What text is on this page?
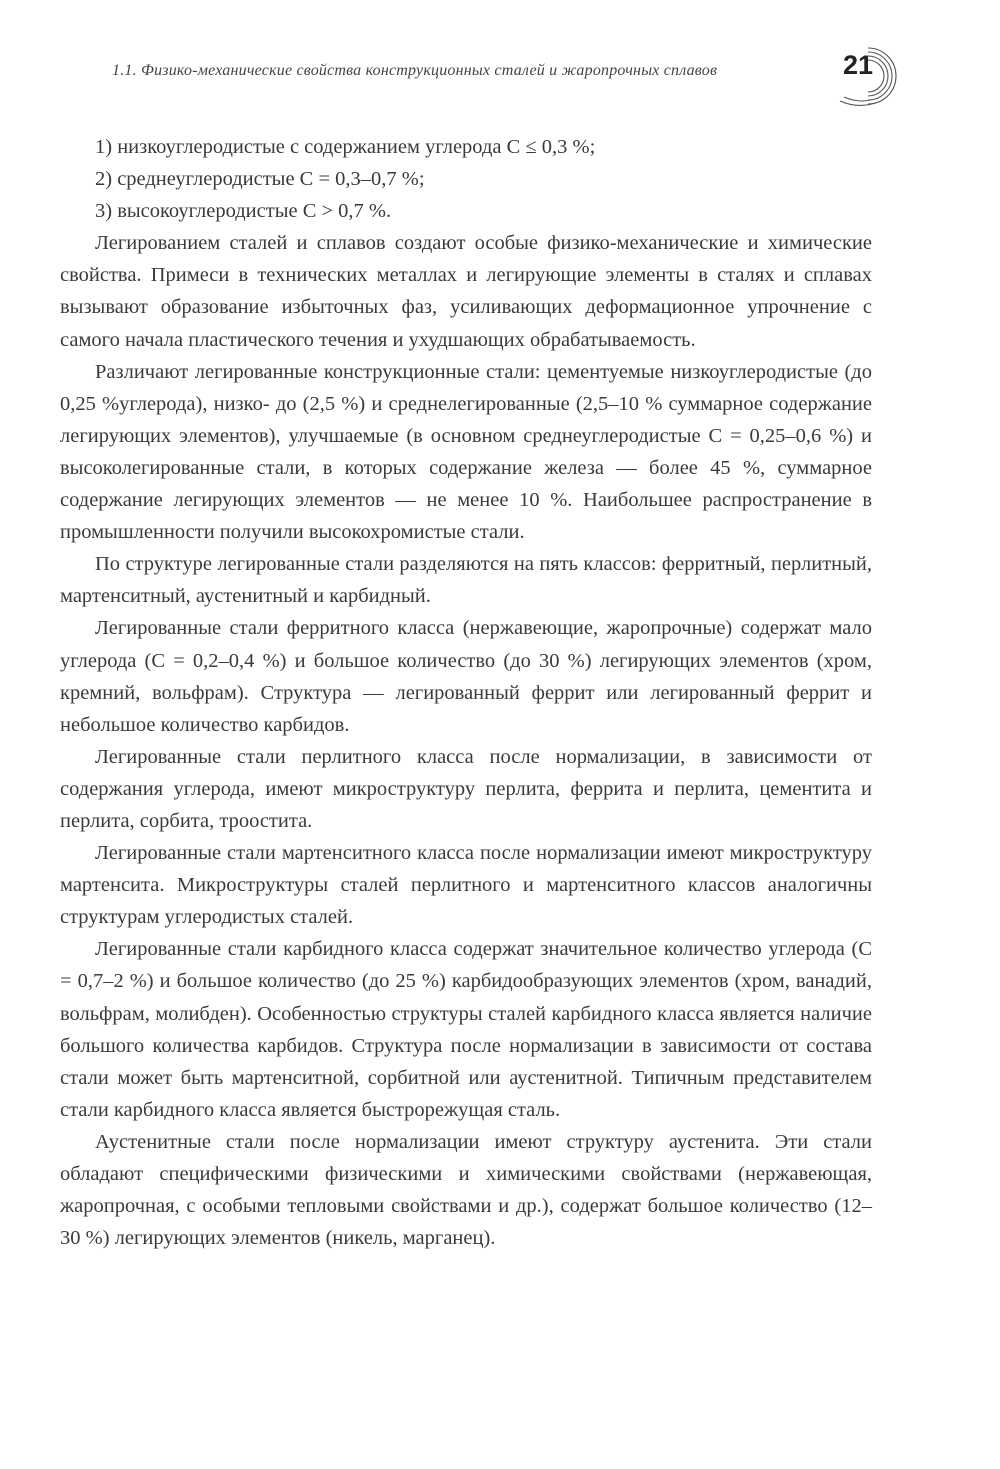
1.1. Физико-механические свойства конструкционных сталей и жаропрочных сплавов	21

1) низкоуглеродистые с содержанием углерода C ≤ 0,3 %;

2) среднеуглеродистые C = 0,3–0,7 %;

3) высокоуглеродистые C > 0,7 %.

Легированием сталей и сплавов создают особые физико-механические и химические свойства. Примеси в технических металлах и легирующие элементы в сталях и сплавах вызывают образование избыточных фаз, усиливающих деформационное упрочнение с самого начала пластического течения и ухудшающих обрабатываемость.

Различают легированные конструкционные стали: цементуемые низкоуглеродистые (до 0,25 %углерода), низко- до (2,5 %) и среднелегированные (2,5–10 % суммарное содержание легирующих элементов), улучшаемые (в основном среднеуглеродистые C = 0,25–0,6 %) и высоколегированные стали, в которых содержание железа — более 45 %, суммарное содержание легирующих элементов — не менее 10 %. Наибольшее распространение в промышленности получили высокохромистые стали.

По структуре легированные стали разделяются на пять классов: ферритный, перлитный, мартенситный, аустенитный и карбидный.

Легированные стали ферритного класса (нержавеющие, жаропрочные) содержат мало углерода (C = 0,2–0,4 %) и большое количество (до 30 %) легирующих элементов (хром, кремний, вольфрам). Структура — легированный феррит или легированный феррит и небольшое количество карбидов.

Легированные стали перлитного класса после нормализации, в зависимости от содержания углерода, имеют микроструктуру перлита, феррита и перлита, цементита и перлита, сорбита, троостита.

Легированные стали мартенситного класса после нормализации имеют микроструктуру мартенсита. Микроструктуры сталей перлитного и мартенситного классов аналогичны структурам углеродистых сталей.

Легированные стали карбидного класса содержат значительное количество углерода (C = 0,7–2 %) и большое количество (до 25 %) карбидообразующих элементов (хром, ванадий, вольфрам, молибден). Особенностью структуры сталей карбидного класса является наличие большого количества карбидов. Структура после нормализации в зависимости от состава стали может быть мартенситной, сорбитной или аустенитной. Типичным представителем стали карбидного класса является быстрорежущая сталь.

Аустенитные стали после нормализации имеют структуру аустенита. Эти стали обладают специфическими физическими и химическими свойствами (нержавеющая, жаропрочная, с особыми тепловыми свойствами и др.), содержат большое количество (12–30 %) легирующих элементов (никель, марганец).
